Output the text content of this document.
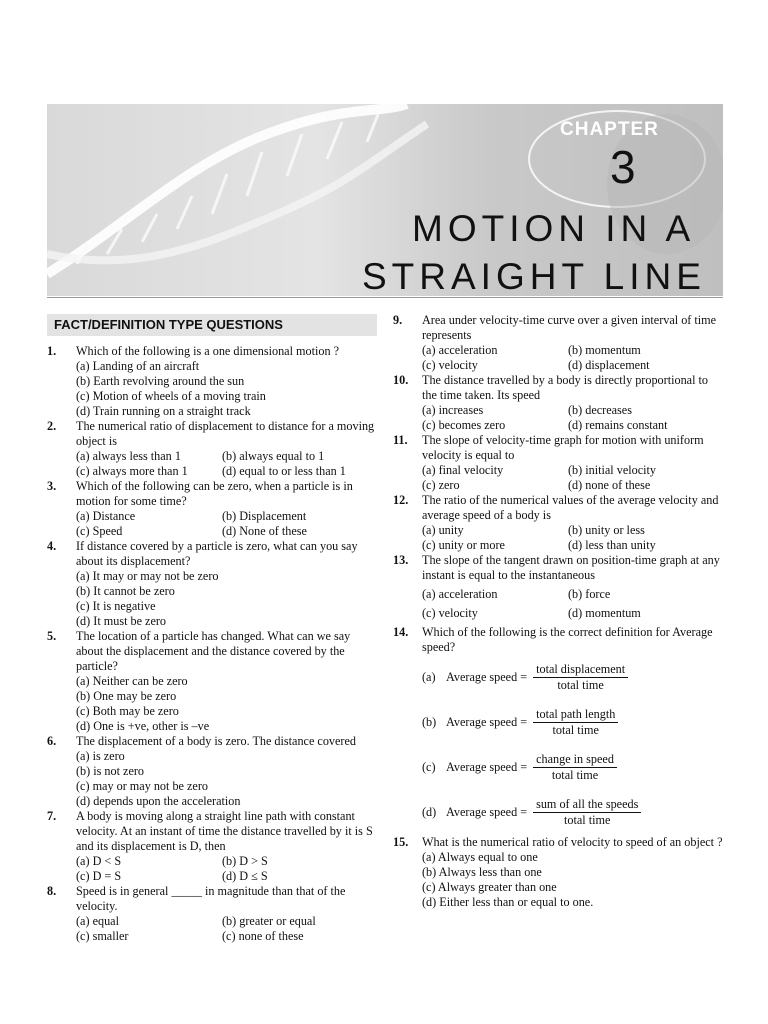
CHAPTER
3
MOTION IN A
STRAIGHT LINE
FACT/DEFINITION TYPE QUESTIONS
1. Which of the following is a one dimensional motion ?
(a) Landing of an aircraft
(b) Earth revolving around the sun
(c) Motion of wheels of a moving train
(d) Train running on a straight track
2. The numerical ratio of displacement to distance for a moving object is
(a) always less than 1	(b) always equal to 1
(c) always more than 1	(d) equal to or less than 1
3. Which of the following can be zero, when a particle is in motion for some time?
(a) Distance	(b) Displacement
(c) Speed	(d) None of these
4. If distance covered by a particle is zero, what can you say about its displacement?
(a) It may or may not be zero
(b) It cannot be zero
(c) It is negative
(d) It must be zero
5. The location of a particle has changed. What can we say about the displacement and the distance covered by the particle?
(a) Neither can be zero
(b) One may be zero
(c) Both may be zero
(d) One is +ve, other is –ve
6. The displacement of a body is zero. The distance covered
(a) is zero
(b) is not zero
(c) may or may not be zero
(d) depends upon the acceleration
7. A body is moving along a straight line path with constant velocity. At an instant of time the distance travelled by it is S and its displacement is D, then
(a) D < S	(b) D > S
(c) D = S	(d) D ≤ S
8. Speed is in general _____ in magnitude than that of the velocity.
(a) equal	(b) greater or equal
(c) smaller	(c) none of these
9. Area under velocity-time curve over a given interval of time represents
(a) acceleration	(b) momentum
(c) velocity	(d) displacement
10. The distance travelled by a body is directly proportional to the time taken. Its speed
(a) increases	(b) decreases
(c) becomes zero	(d) remains constant
11. The slope of velocity-time graph for motion with uniform velocity is equal to
(a) final velocity	(b) initial velocity
(c) zero	(d) none of these
12. The ratio of the numerical values of the average velocity and average speed of a body is
(a) unity	(b) unity or less
(c) unity or more	(d) less than unity
13. The slope of the tangent drawn on position-time graph at any instant is equal to the instantaneous
(a) acceleration	(b) force
(c) velocity	(d) momentum
14. Which of the following is the correct definition for Average speed?
(a) Average speed = $\frac{\text{total displacement}}{\text{total time}}$
(b) Average speed = $\frac{\text{total path length}}{\text{total time}}$
(c) Average speed = $\frac{\text{change in speed}}{\text{total time}}$
(d) Average speed = $\frac{\text{sum of all the speeds}}{\text{total time}}$
15. What is the numerical ratio of velocity to speed of an object ?
(a) Always equal to one
(b) Always less than one
(c) Always greater than one
(d) Either less than or equal to one.
